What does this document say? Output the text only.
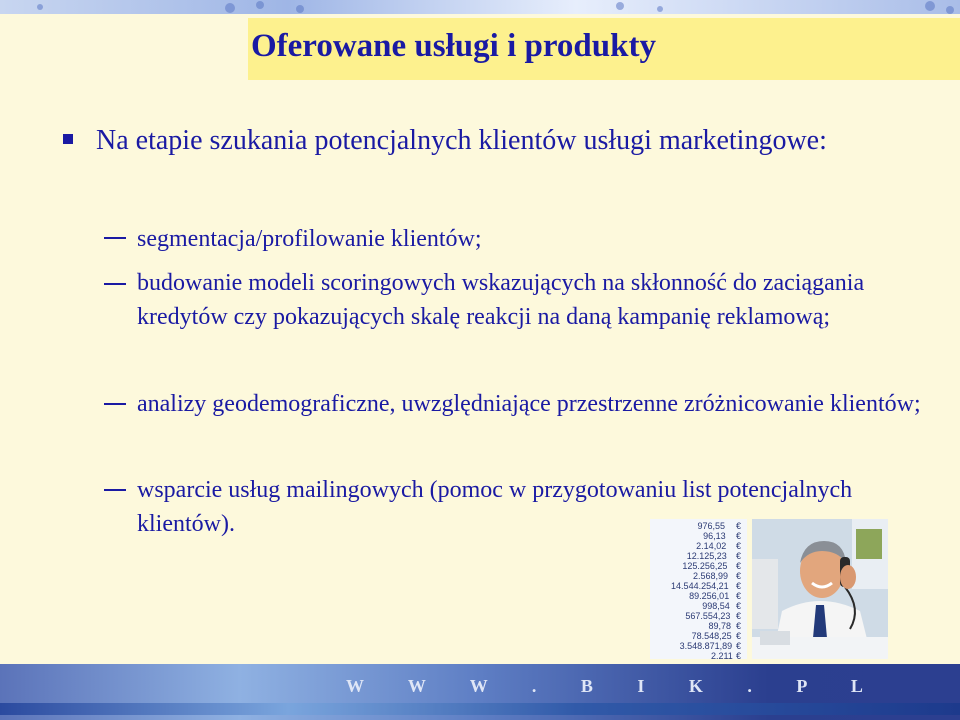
Oferowane usługi i produkty
Na etapie szukania potencjalnych klientów usługi marketingowe:
segmentacja/profilowanie klientów;
budowanie modeli scoringowych wskazujących na skłonność do zaciągania kredytów czy pokazujących skalę reakcji na daną kampanię reklamową;
analizy geodemograficzne, uwzględniające przestrzenne zróżnicowanie klientów;
wsparcie usług mailingowych (pomoc w przygotowaniu list potencjalnych klientów).	976,55 €
96,13 €
2.14,02 €
12.125,23 €
125.256,25 €
2.568,99 €
14.544.254,21 €
89.256,01 €
998,54 €
567.554,23 €
89,78 €
78.548,25 €
3.548.871,89 €
2.211 €
W W W . B I K . P L
